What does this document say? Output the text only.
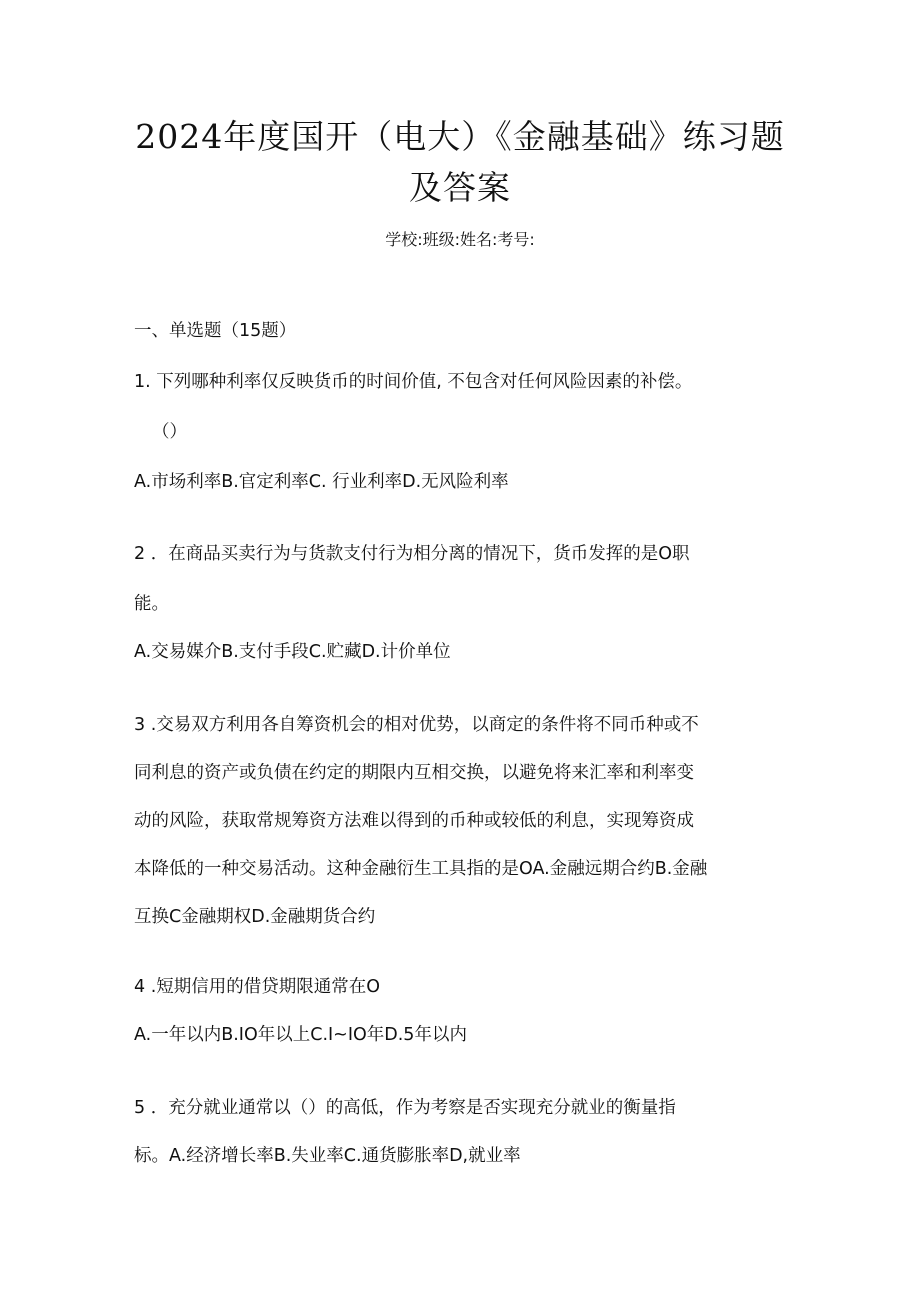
2024年度国开（电大）《金融基础》练习题
及答案
学校:班级:姓名:考号:
一、单选题（15题）
1. 下列哪种利率仅反映货币的时间价值, 不包含对任何风险因素的补偿。
（）
A.市场利率B.官定利率C. 行业利率D.无风险利率
2 ．在商品买卖行为与货款支付行为相分离的情况下，货币发挥的是O职
能。
A.交易媒介B.支付手段C.贮藏D.计价单位
3 .交易双方利用各自筹资机会的相对优势，以商定的条件将不同币种或不
同利息的资产或负债在约定的期限内互相交换，以避免将来汇率和利率变
动的风险，获取常规筹资方法难以得到的币种或较低的利息，实现筹资成
本降低的一种交易活动。这种金融衍生工具指的是OA.金融远期合约B.金融
互换C金融期权D.金融期货合约
4 .短期信用的借贷期限通常在O
A.一年以内B.IO年以上C.I~IO年D.5年以内
5 ．充分就业通常以（）的高低，作为考察是否实现充分就业的衡量指
标。A.经济增长率B.失业率C.通货膨胀率D,就业率
